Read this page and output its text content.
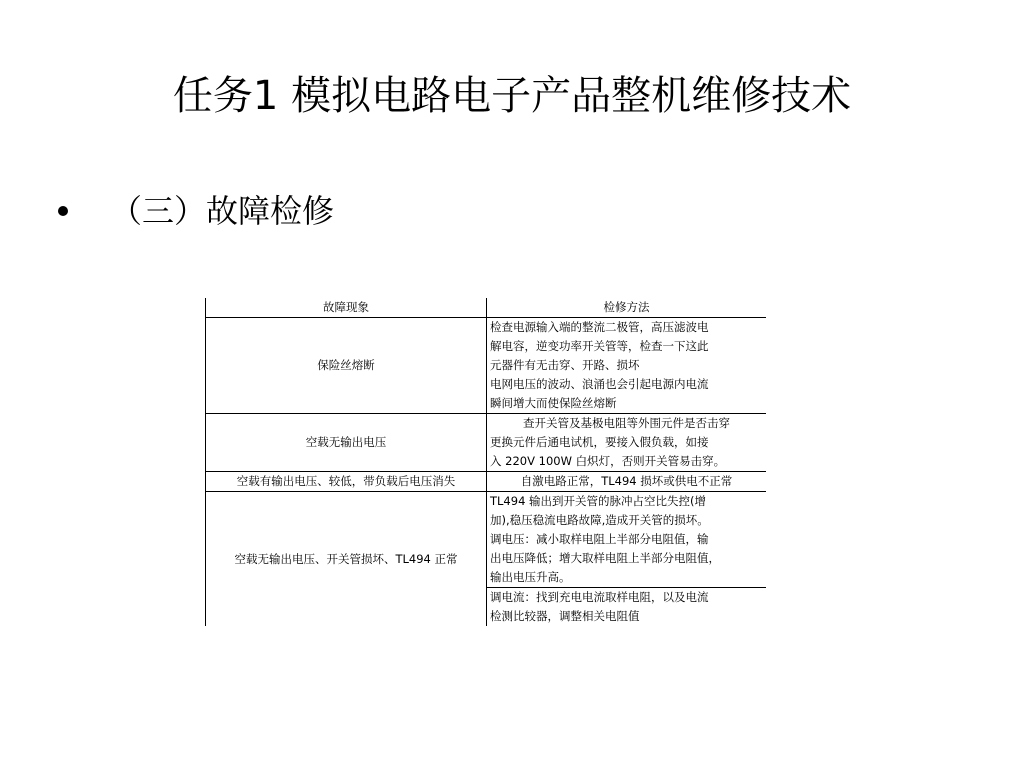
任务1 模拟电路电子产品整机维修技术
（三）故障检修
故障现象	检修方法
保险丝熔断	检查电源输入端的整流二极管，高压滤波电
解电容，逆变功率开关管等，检查一下这此
元器件有无击穿、开路、损坏
电网电压的波动、浪涌也会引起电源内电流
瞬间增大而使保险丝熔断

空载无输出电压	查开关管及基极电阻等外围元件是否击穿
更换元件后通电试机，要接入假负载，如接
入 220V 100W 白炽灯，否则开关管易击穿。

空载有输出电压、较低，带负载后电压消失	自激电路正常，TL494 损坏或供电不正常

空载无输出电压、开关管损坏、TL494 正常	TL494 输出到开关管的脉冲占空比失控(增
加),稳压稳流电路故障,造成开关管的损坏。
调电压：减小取样电阻上半部分电阻值，输
出电压降低；增大取样电阻上半部分电阻值，
输出电压升高。

	调电流：找到充电电流取样电阻，以及电流
检测比较器，调整相关电阻值
